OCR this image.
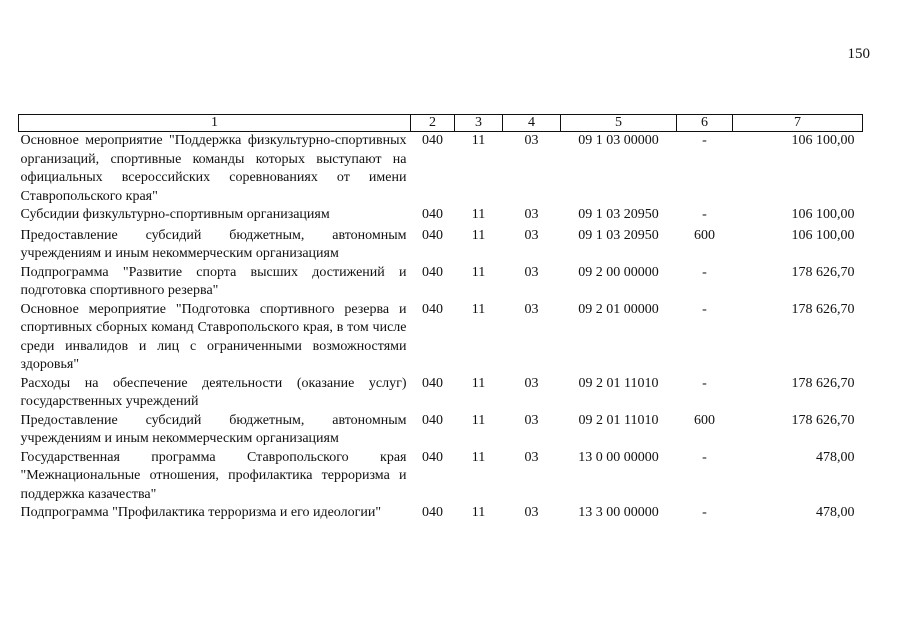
150
1	2	3	4	5	6	7
Основное мероприятие "Поддержка физкультурно-спортивных организаций, спортивные команды которых выступают на официальных всероссийских соревнованиях от имени Ставропольского края"	040	11	03	09 1 03 00000	-	106 100,00
Субсидии физкультурно-спортивным организациям	040	11	03	09 1 03 20950	-	106 100,00
Предоставление субсидий бюджетным, автономным учреждениям и иным некоммерческим организациям	040	11	03	09 1 03 20950	600	106 100,00
Подпрограмма "Развитие спорта высших достижений и подготовка спортивного резерва"	040	11	03	09 2 00 00000	-	178 626,70
Основное мероприятие "Подготовка спортивного резерва и спортивных сборных команд Ставропольского края, в том числе среди инвалидов и лиц с ограниченными возможностями здоровья"	040	11	03	09 2 01 00000	-	178 626,70
Расходы на обеспечение деятельности (оказание услуг) государственных учреждений	040	11	03	09 2 01 11010	-	178 626,70
Предоставление субсидий бюджетным, автономным учреждениям и иным некоммерческим организациям	040	11	03	09 2 01 11010	600	178 626,70
Государственная программа Ставропольского края "Межнациональные отношения, профилактика терроризма и поддержка казачества"	040	11	03	13 0 00 00000	-	478,00
Подпрограмма "Профилактика терроризма и его идеологии"	040	11	03	13 3 00 00000	-	478,00
